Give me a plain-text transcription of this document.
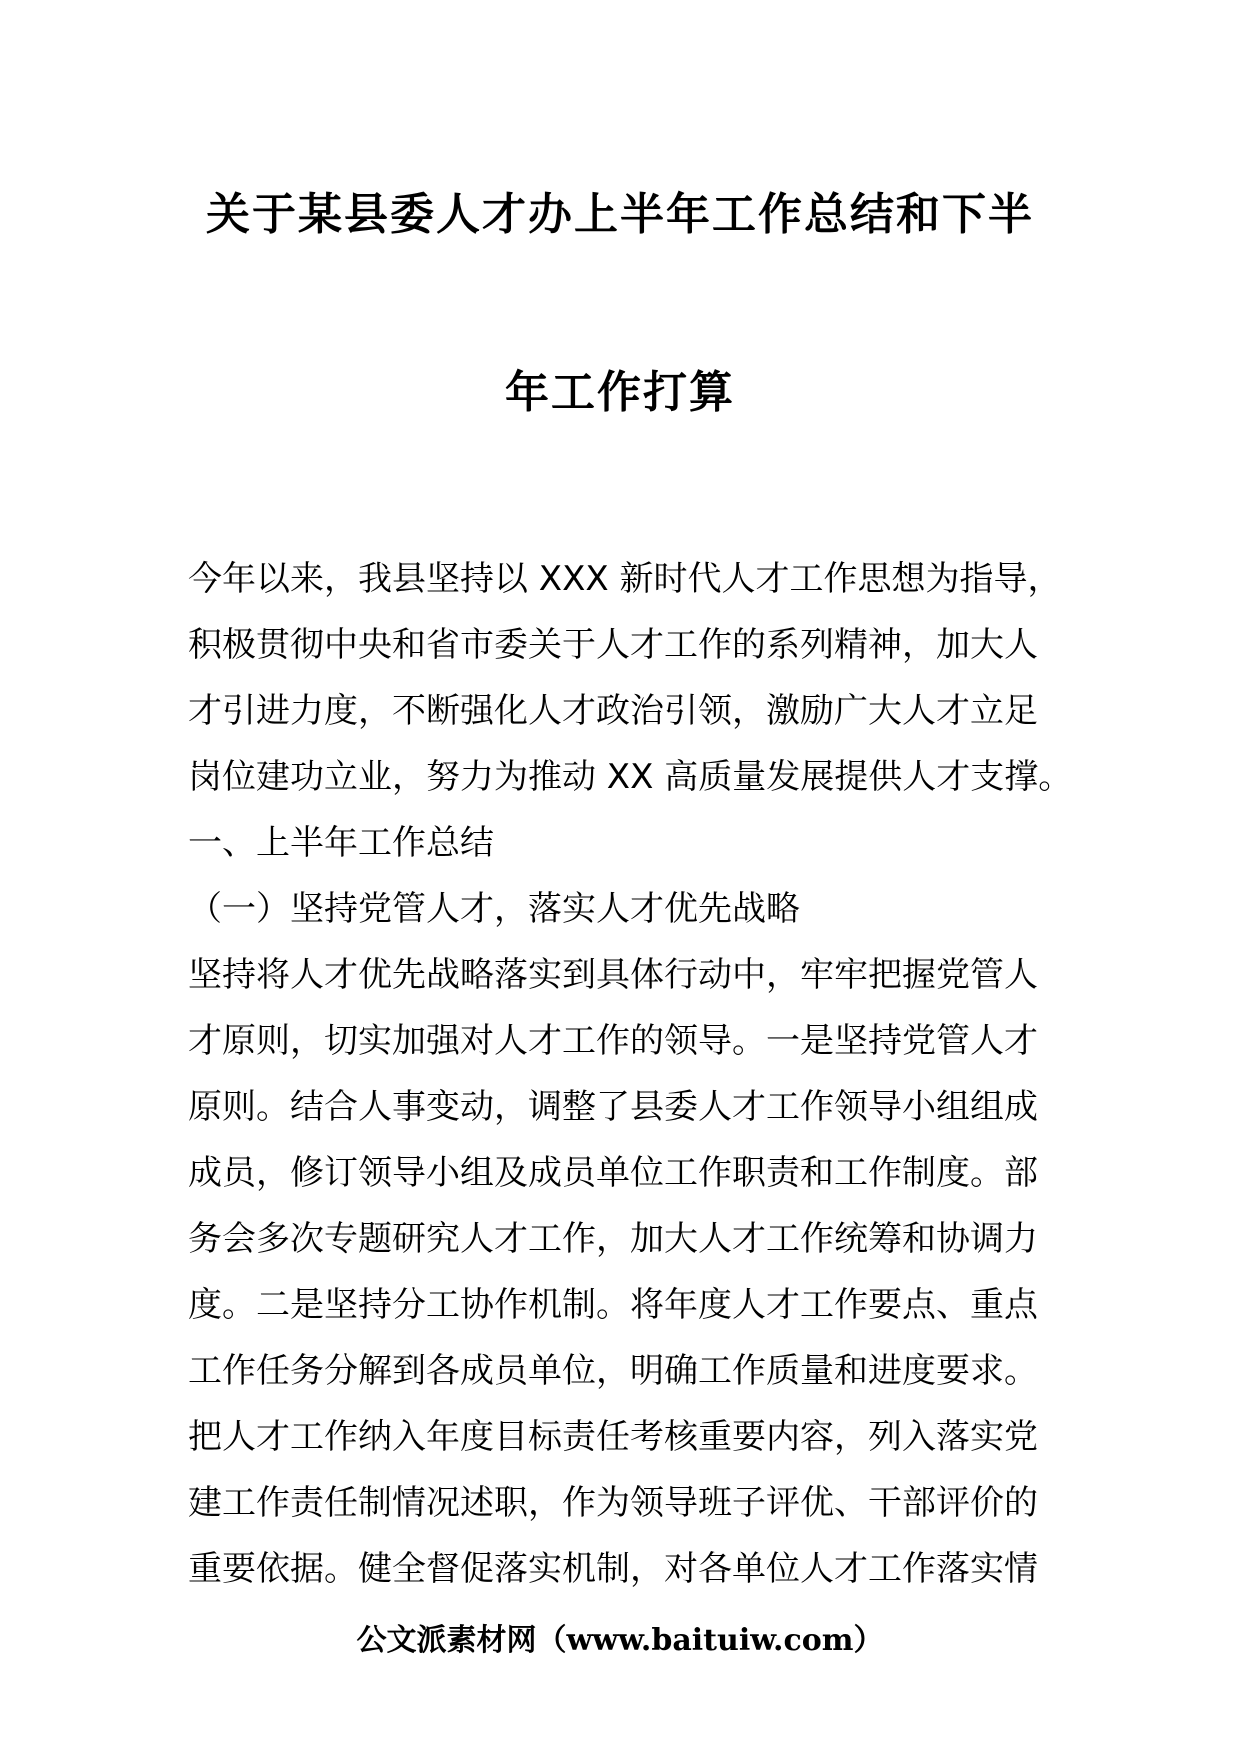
关于某县委人才办上半年工作总结和下半
年工作打算
今年以来，我县坚持以 XXX 新时代人才工作思想为指导，
积极贯彻中央和省市委关于人才工作的系列精神，加大人
才引进力度，不断强化人才政治引领，激励广大人才立足
岗位建功立业，努力为推动 XX 高质量发展提供人才支撑。
一、上半年工作总结
（一）坚持党管人才，落实人才优先战略
坚持将人才优先战略落实到具体行动中，牢牢把握党管人
才原则，切实加强对人才工作的领导。一是坚持党管人才
原则。结合人事变动，调整了县委人才工作领导小组组成
成员，修订领导小组及成员单位工作职责和工作制度。部
务会多次专题研究人才工作，加大人才工作统筹和协调力
度。二是坚持分工协作机制。将年度人才工作要点、重点
工作任务分解到各成员单位，明确工作质量和进度要求。
把人才工作纳入年度目标责任考核重要内容，列入落实党
建工作责任制情况述职，作为领导班子评优、干部评价的
重要依据。健全督促落实机制，对各单位人才工作落实情
公文派素材网（www.baituiw.com）
